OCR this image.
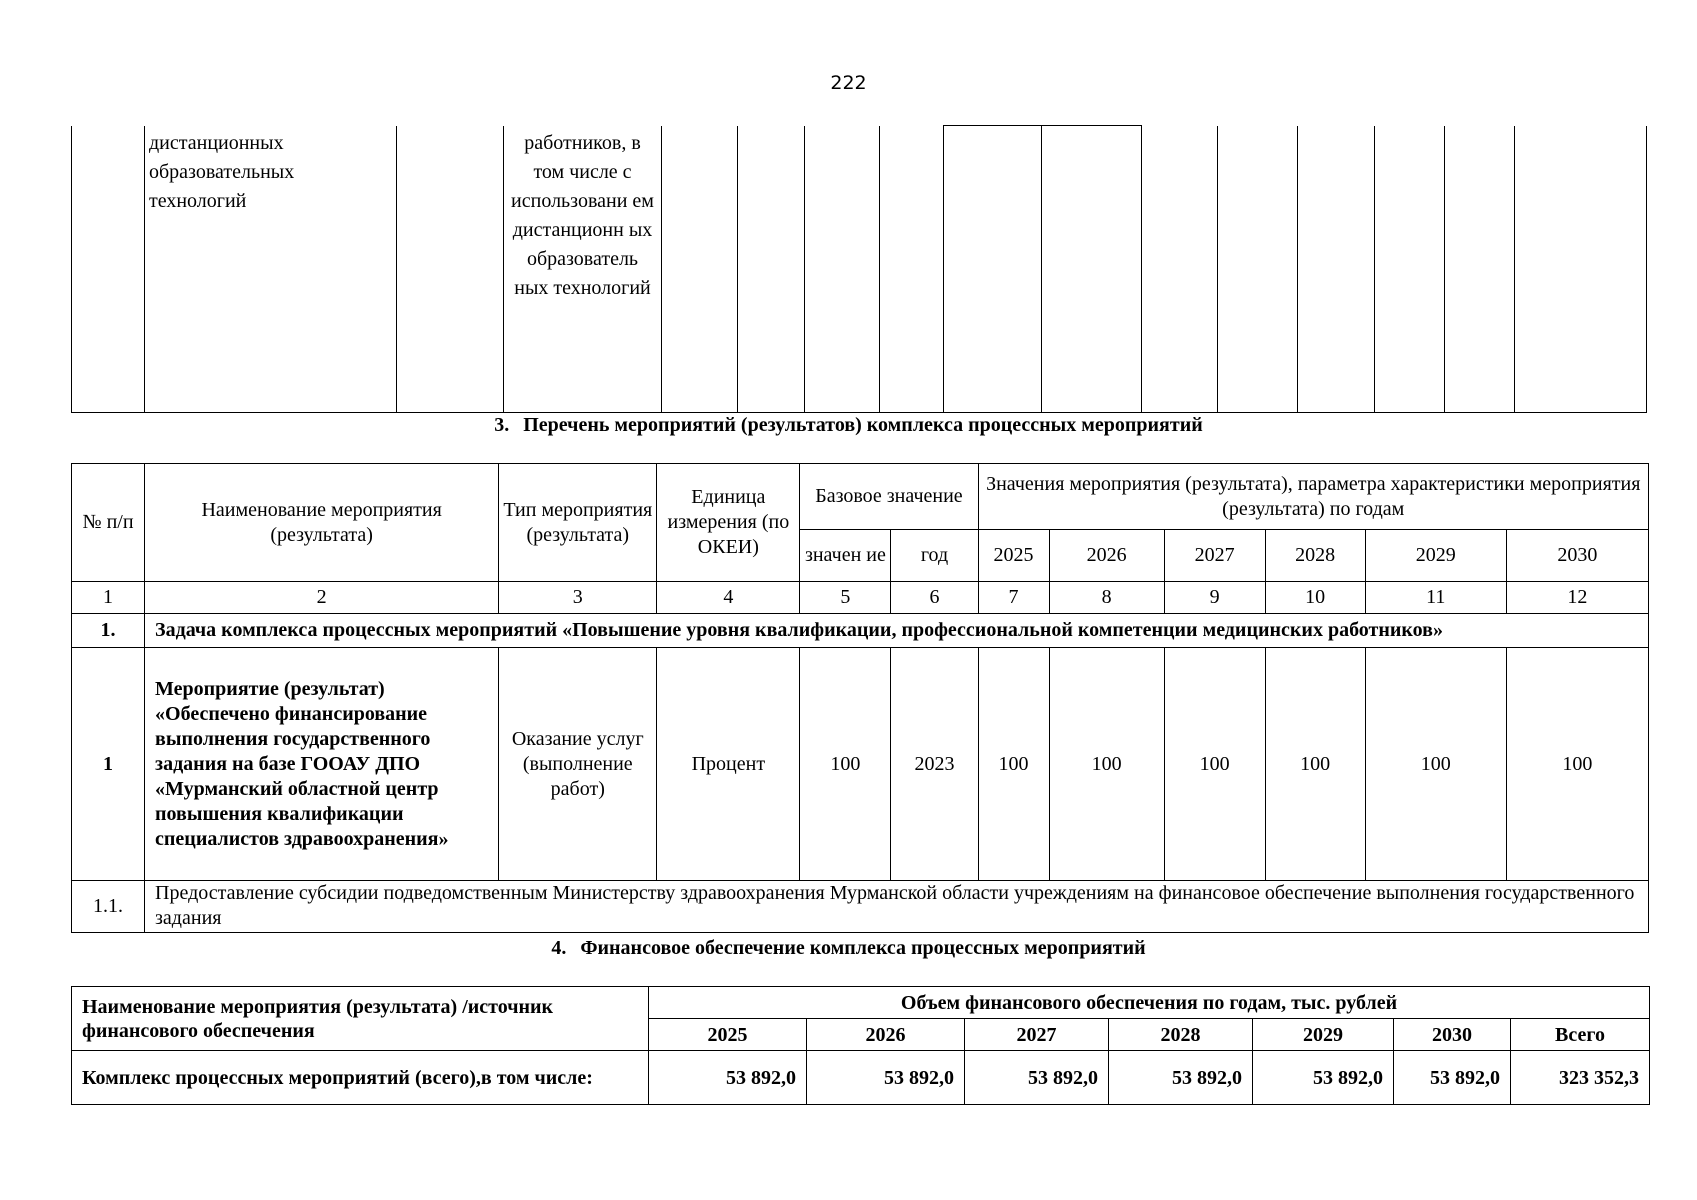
222
	дистанционных образовательных технологий		работников, в том числе с использовани ем дистанционн ых образователь ных технологий												
3. Перечень мероприятий (результатов) комплекса процессных мероприятий
№ п/п	Наименование мероприятия (результата)	Тип мероприятия (результата)	Единица измерения (по ОКЕИ)	Базовое значение		Значения мероприятия (результата), параметра характеристики мероприятия (результата) по годам					
				значен ие	год	2025	2026	2027	2028	2029	2030
1	2	3	4	5	6	7	8	9	10	11	12
1.	Задача комплекса процессных мероприятий «Повышение уровня квалификации, профессиональной компетенции медицинских работников»										
1	Мероприятие (результат) «Обеспечено финансирование выполнения государственного задания на базе ГООАУ ДПО «Мурманский областной центр повышения квалификации специалистов здравоохранения»	Оказание услуг (выполнение работ)	Процент	100	2023	100	100	100	100	100	100
1.1.	Предоставление субсидии подведомственным Министерству здравоохранения Мурманской области учреждениям на финансовое обеспечение выполнения государственного задания										
4. Финансовое обеспечение комплекса процессных мероприятий
Наименование мероприятия (результата) /источник финансового обеспечения	Объем финансового обеспечения по годам, тыс. рублей						
	2025	2026	2027	2028	2029	2030	Всего
Комплекс процессных мероприятий (всего),в том числе:	53 892,0	53 892,0	53 892,0	53 892,0	53 892,0	53 892,0	323 352,3
